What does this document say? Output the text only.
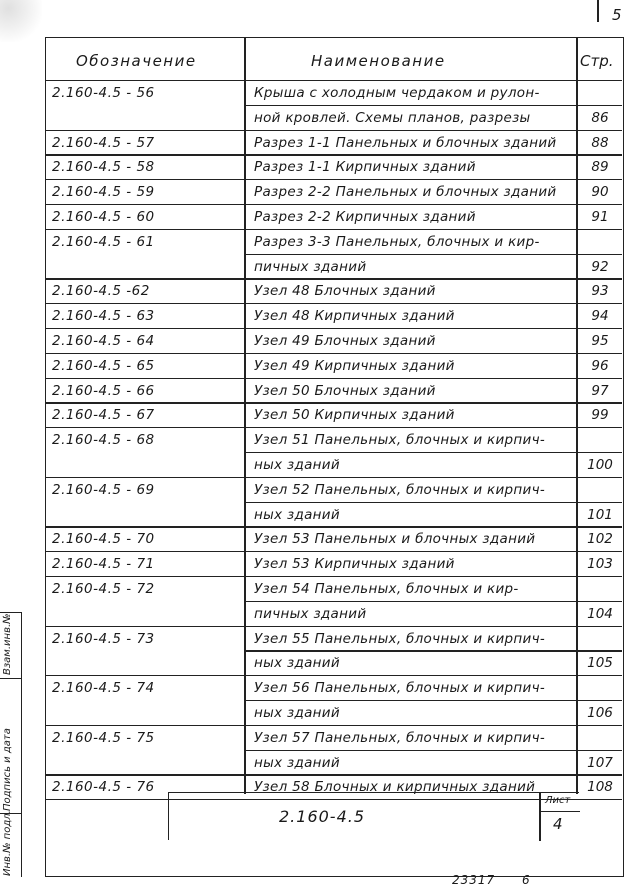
5
Обозначение	Наименование	Стр.
2.160-4.5 - 56	Крыша с холодным чердаком и рулон-
ной кровлей. Схемы планов, разрезы	86
2.160-4.5 - 57	Разрез 1-1 Панельных и блочных зданий	88
2.160-4.5 - 58	Разрез 1-1 Кирпичных зданий	89
2.160-4.5 - 59	Разрез 2-2 Панельных и блочных зданий	90
2.160-4.5 - 60	Разрез 2-2 Кирпичных зданий	91
2.160-4.5 - 61	Разрез 3-3 Панельных, блочных и кир-
пичных зданий	92
2.160-4.5 -62	Узел 48 Блочных зданий	93
2.160-4.5 - 63	Узел 48 Кирпичных зданий	94
2.160-4.5 - 64	Узел 49 Блочных зданий	95
2.160-4.5 - 65	Узел 49 Кирпичных зданий	96
2.160-4.5 - 66	Узел 50 Блочных зданий	97
2.160-4.5 - 67	Узел 50 Кирпичных зданий	99
2.160-4.5 - 68	Узел 51 Панельных, блочных и кирпич-
ных зданий	100
2.160-4.5 - 69	Узел 52 Панельных, блочных и кирпич-
ных зданий	101
2.160-4.5 - 70	Узел 53 Панельных и блочных зданий	102
2.160-4.5 - 71	Узел 53 Кирпичных зданий	103
2.160-4.5 - 72	Узел 54 Панельных, блочных и кир-
пичных зданий	104
2.160-4.5 - 73	Узел 55 Панельных, блочных и кирпич-
ных зданий	105
2.160-4.5 - 74	Узел 56 Панельных, блочных и кирпич-
ных зданий	106
2.160-4.5 - 75	Узел 57 Панельных, блочных и кирпич-
ных зданий	107
2.160-4.5 - 76	Узел 58 Блочных и кирпичных зданий	108
2.160-4.5
Лист
4
Взам.инв.№
Подпись и дата
Инв.№ подл.
23317 6
